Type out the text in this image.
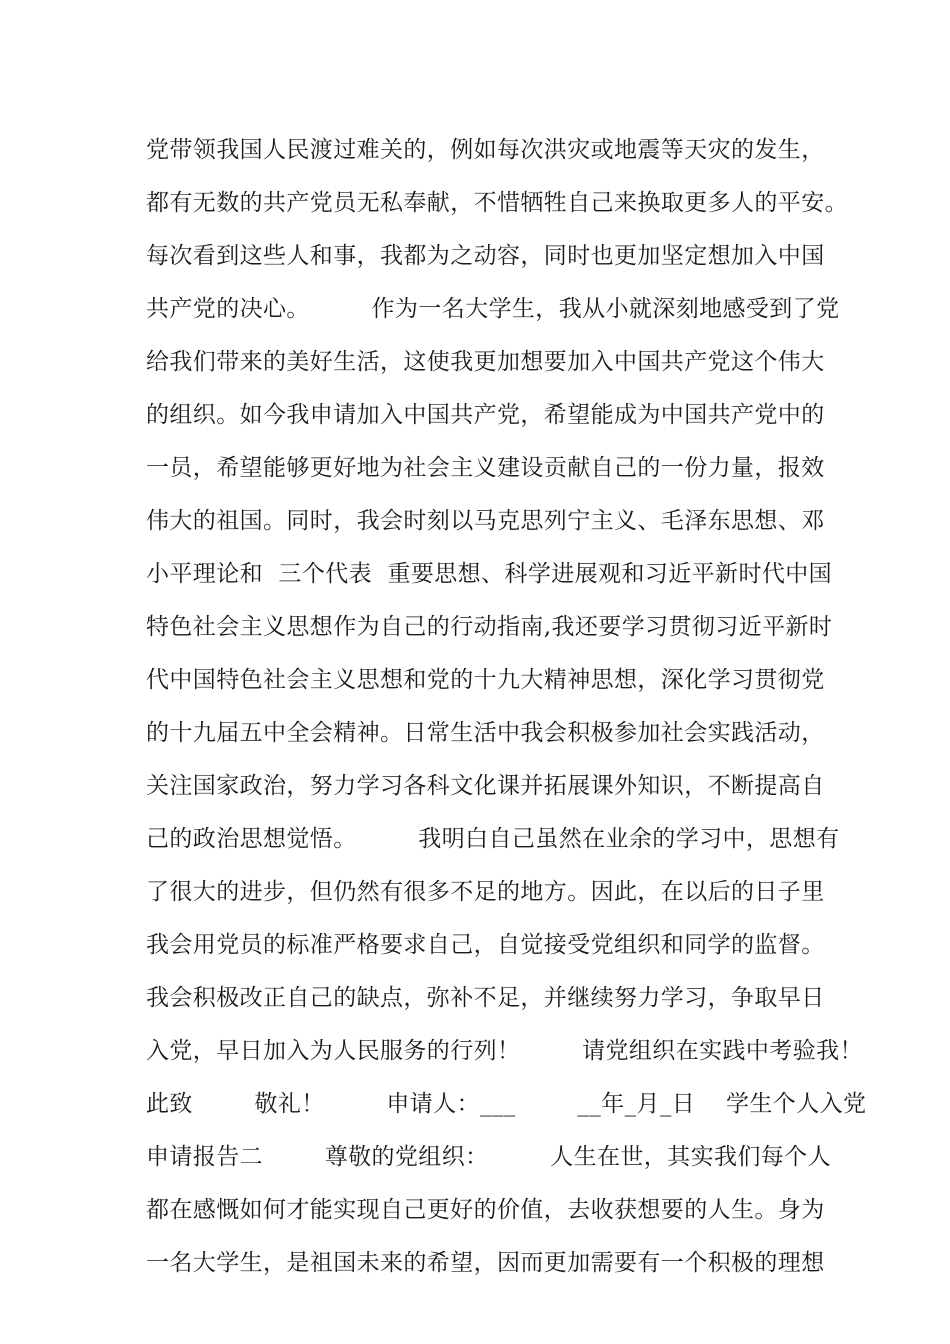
党带领我国人民渡过难关的，例如每次洪灾或地震等天灾的发生，
都有无数的共产党员无私奉献，不惜牺牲自己来换取更多人的平安。
每次看到这些人和事，我都为之动容，同时也更加坚定想加入中国
共产党的决心。        作为一名大学生，我从小就深刻地感受到了党
给我们带来的美好生活，这使我更加想要加入中国共产党这个伟大
的组织。如今我申请加入中国共产党，希望能成为中国共产党中的
一员，希望能够更好地为社会主义建设贡献自己的一份力量，报效
伟大的祖国。同时，我会时刻以马克思列宁主义、毛泽东思想、邓
小平理论和  三个代表  重要思想、科学进展观和习近平新时代中国
特色社会主义思想作为自己的行动指南,我还要学习贯彻习近平新时
代中国特色社会主义思想和党的十九大精神思想，深化学习贯彻党
的十九届五中全会精神。日常生活中我会积极参加社会实践活动，
关注国家政治，努力学习各科文化课并拓展课外知识，不断提高自
己的政治思想觉悟。        我明白自己虽然在业余的学习中，思想有
了很大的进步，但仍然有很多不足的地方。因此，在以后的日子里
我会用党员的标准严格要求自己，自觉接受党组织和同学的监督。
我会积极改正自己的缺点，弥补不足，并继续努力学习，争取早日
入党，早日加入为人民服务的行列！        请党组织在实践中考验我！
此致        敬礼！        申请人：___        __年_月_日    学生个人入党
申请报告二        尊敬的党组织：        人生在世，其实我们每个人
都在感慨如何才能实现自己更好的价值，去收获想要的人生。身为
一名大学生，是祖国未来的希望，因而更加需要有一个积极的理想
